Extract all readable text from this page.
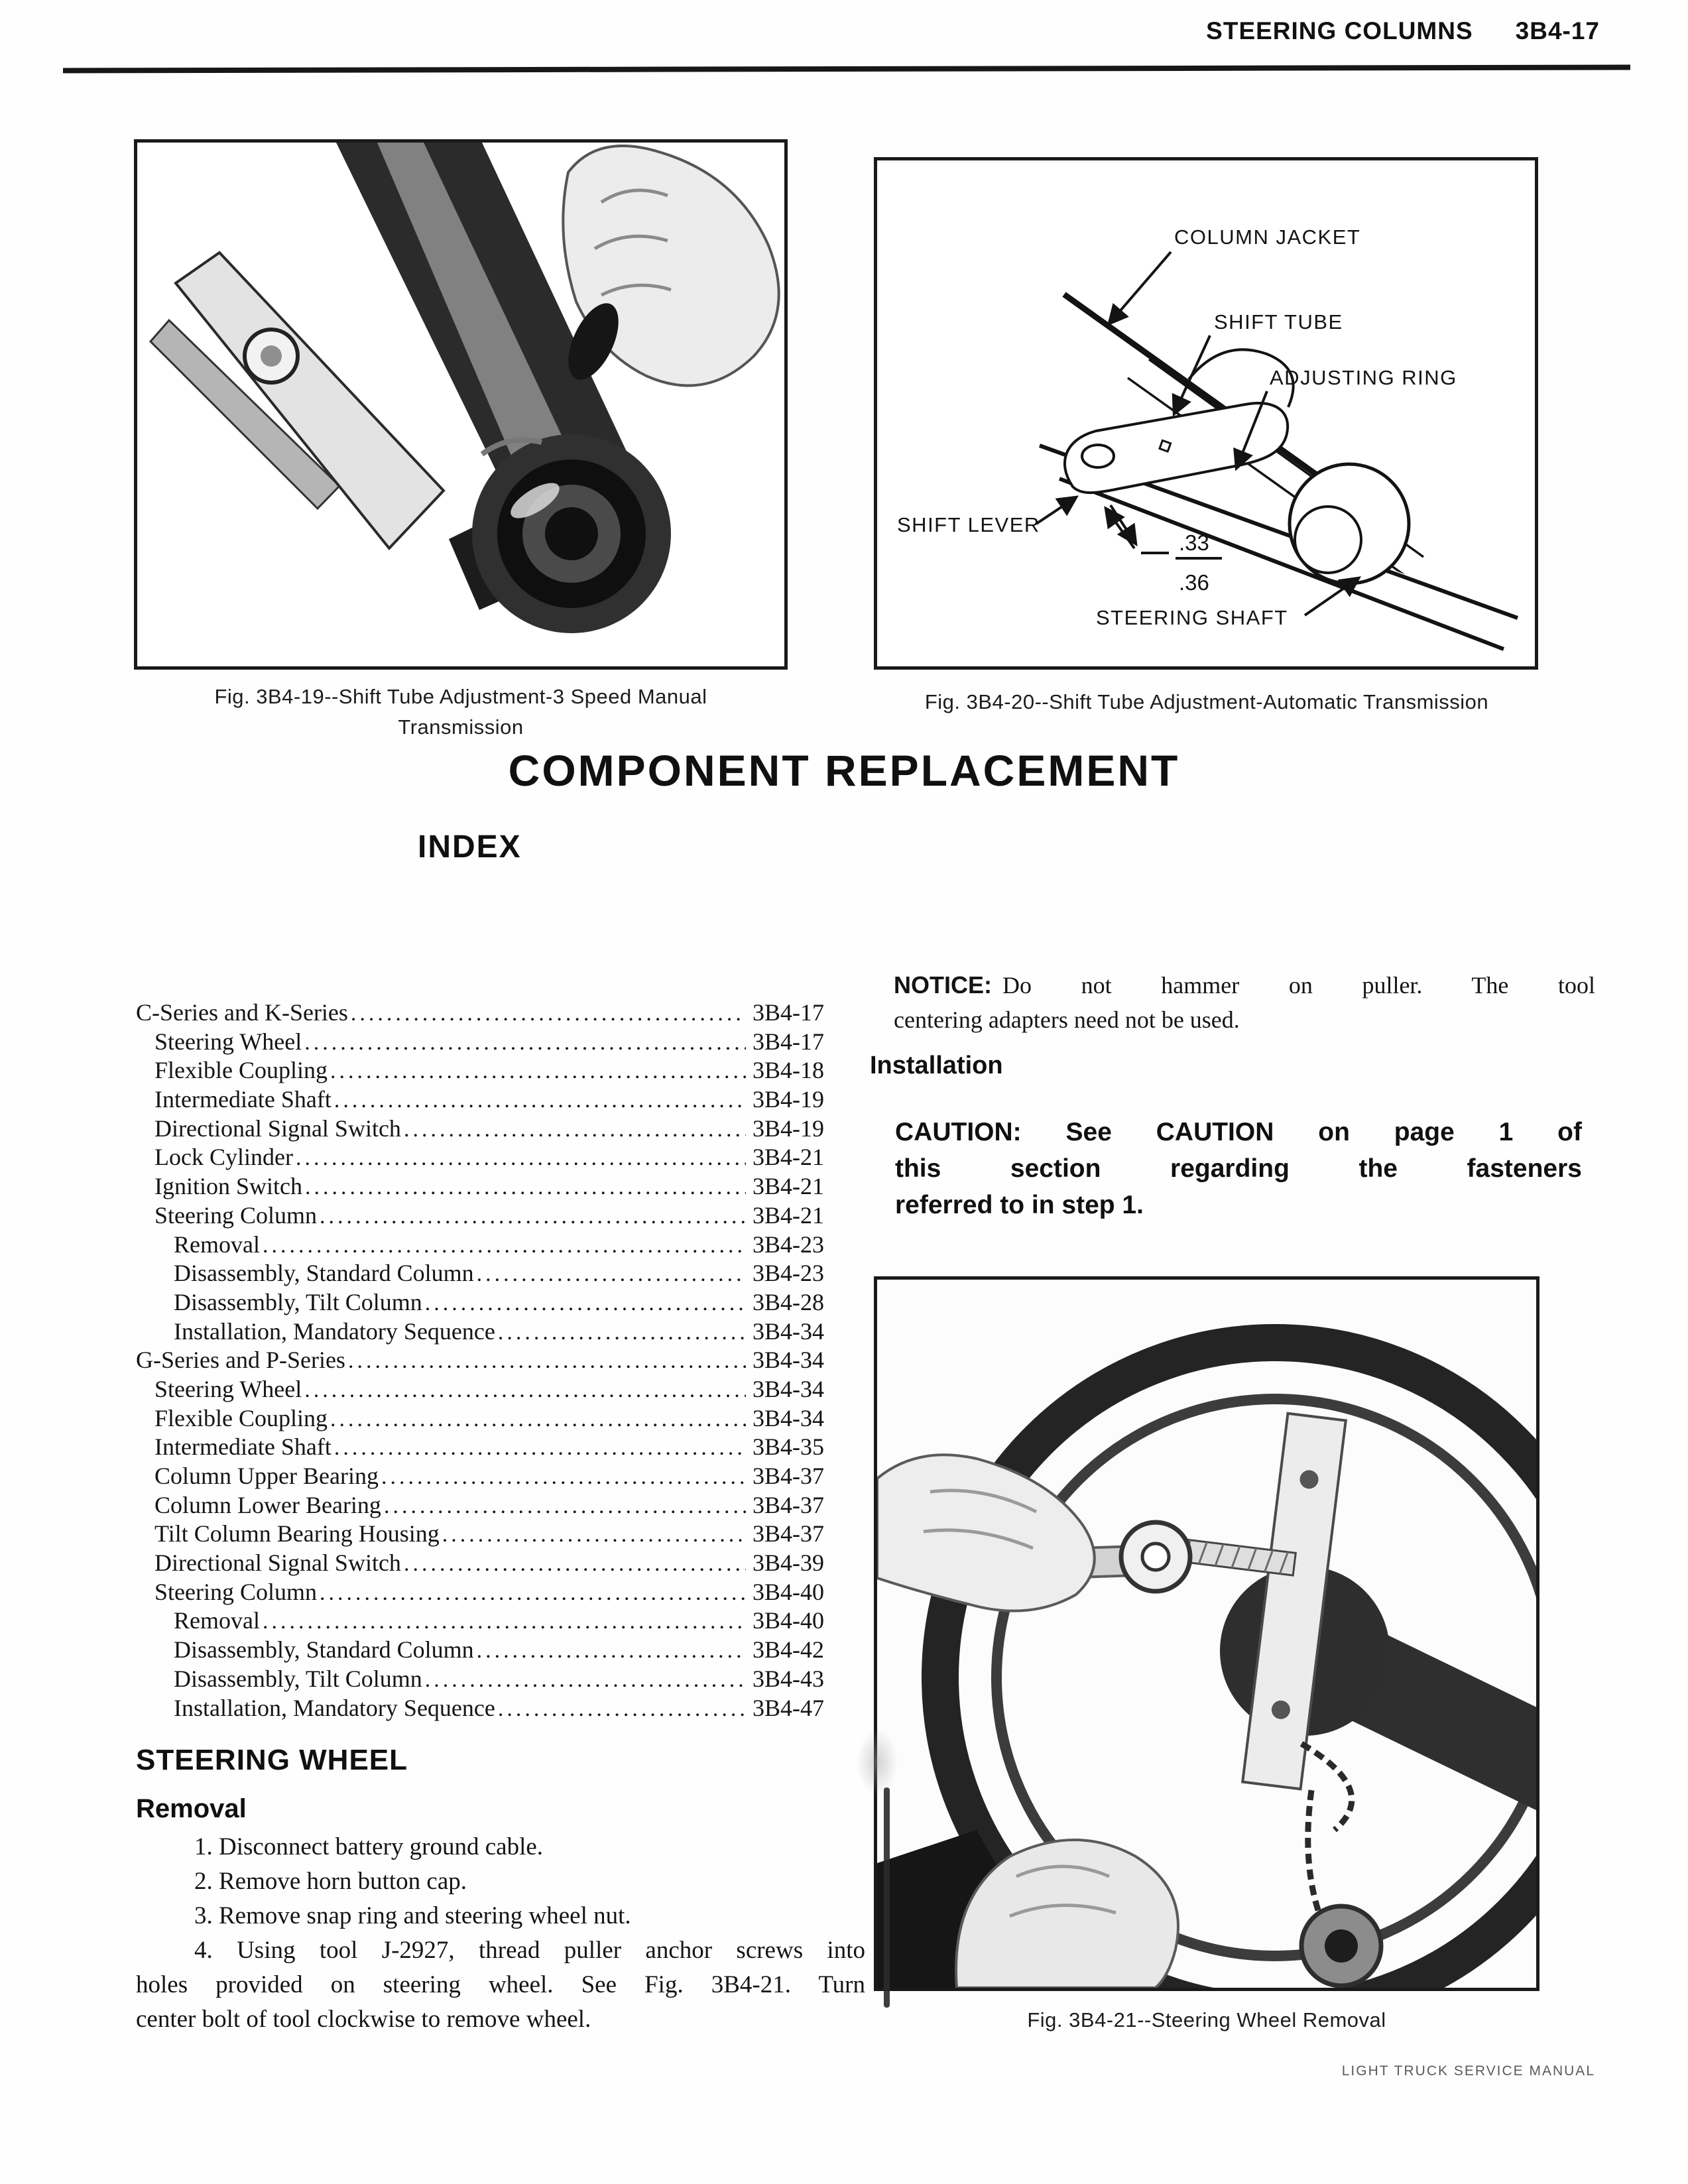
STEERING COLUMNS 3B4-17
Fig. 3B4-19--Shift Tube Adjustment-3 Speed Manual
Transmission
COLUMN JACKET
SHIFT TUBE
ADJUSTING RING
SHIFT LEVER
.33
.36
STEERING SHAFT
Fig. 3B4-20--Shift Tube Adjustment-Automatic Transmission
COMPONENT REPLACEMENT
INDEX
C-Series and K-Series .....	3B4-17
Steering Wheel .....	3B4-17
Flexible Coupling .....	3B4-18
Intermediate Shaft .....	3B4-19
Directional Signal Switch .....	3B4-19
Lock Cylinder .....	3B4-21
Ignition Switch .....	3B4-21
Steering Column .....	3B4-21
Removal .....	3B4-23
Disassembly, Standard Column .....	3B4-23
Disassembly, Tilt Column .....	3B4-28
Installation, Mandatory Sequence .....	3B4-34
G-Series and P-Series .....	3B4-34
Steering Wheel .....	3B4-34
Flexible Coupling .....	3B4-34
Intermediate Shaft .....	3B4-35
Column Upper Bearing .....	3B4-37
Column Lower Bearing .....	3B4-37
Tilt Column Bearing Housing .....	3B4-37
Directional Signal Switch .....	3B4-39
Steering Column .....	3B4-40
Removal .....	3B4-40
Disassembly, Standard Column .....	3B4-42
Disassembly, Tilt Column .....	3B4-43
Installation, Mandatory Sequence .....	3B4-47
NOTICE: Do not hammer on puller. The tool
centering adapters need not be used.
Installation
CAUTION: See CAUTION on page 1 of
this section regarding the fasteners
referred to in step 1.
STEERING WHEEL
Removal
1. Disconnect battery ground cable.
2. Remove horn button cap.
3. Remove snap ring and steering wheel nut.
4. Using tool J-2927, thread puller anchor screws into
holes provided on steering wheel. See Fig. 3B4-21. Turn
center bolt of tool clockwise to remove wheel.	Fig. 3B4-21--Steering Wheel Removal
LIGHT TRUCK SERVICE MANUAL
